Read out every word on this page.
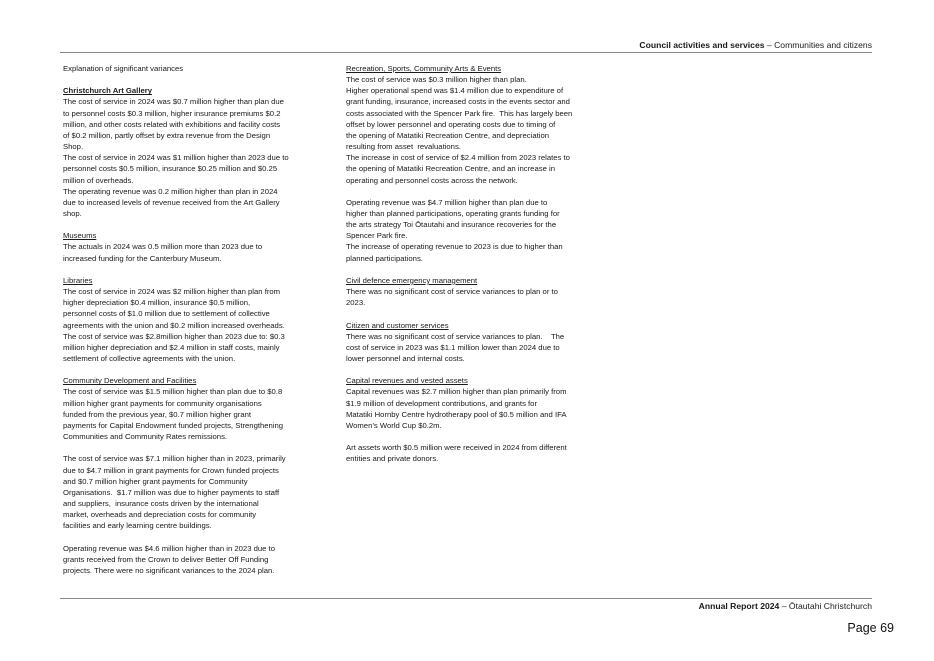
Council activities and services – Communities and citizens

Explanation of significant variances

Christchurch Art Gallery

The cost of service in 2024 was $0.7 million higher than plan due
to personnel costs $0.3 million, higher insurance premiums $0.2
million, and other costs related with exhibitions and facility costs
of $0.2 million, partly offset by extra revenue from the Design
Shop.
The cost of service in 2024 was $1 million higher than 2023 due to
personnel costs $0.5 million, insurance $0.25 million and $0.25
million of overheads.
The operating revenue was 0.2 million higher than plan in 2024
due to increased levels of revenue received from the Art Gallery
shop.

Museums

The actuals in 2024 was 0.5 million more than 2023 due to
increased funding for the Canterbury Museum.

Libraries

The cost of service in 2024 was $2 million higher than plan from
higher depreciation $0.4 million, insurance $0.5 million,
personnel costs of $1.0 million due to settlement of collective
agreements with the union and $0.2 million increased overheads.
The cost of service was $2.8million higher than 2023 due to: $0.3
million higher depreciation and $2.4 million in staff costs, mainly
settlement of collective agreements with the union.

Community Development and Facilities

The cost of service was $1.5 million higher than plan due to $0.8
million higher grant payments for community organisations
funded from the previous year, $0.7 million higher grant
payments for Capital Endowment funded projects, Strengthening
Communities and Community Rates remissions.
The cost of service was $7.1 million higher than in 2023, primarily
due to $4.7 million in grant payments for Crown funded projects
and $0.7 million higher grant payments for Community
Organisations.  $1.7 million was due to higher payments to staff
and suppliers,  insurance costs driven by the international
market, overheads and depreciation costs for community
facilities and early learning centre buildings.
Operating revenue was $4.6 million higher than in 2023 due to
grants received from the Crown to deliver Better Off Funding
projects. There were no significant variances to the 2024 plan.

Recreation, Sports, Community Arts & Events

The cost of service was $0.3 million higher than plan.
Higher operational spend was $1.4 million due to expenditure of
grant funding, insurance, increased costs in the events sector and
costs associated with the Spencer Park fire.  This has largely been
offset by lower personnel and operating costs due to timing of
the opening of Matatiki Recreation Centre, and depreciation
resulting from asset  revaluations.
The increase in cost of service of $2.4 million from 2023 relates to
the opening of Matatiki Recreation Centre, and an increase in
operating and personnel costs across the network.
Operating revenue was $4.7 million higher than plan due to
higher than planned participations, operating grants funding for
the arts strategy Toi Ōtautahi and insurance recoveries for the
Spencer Park fire.
The increase of operating revenue to 2023 is due to higher than
planned participations.

Civil defence emergency management

There was no significant cost of service variances to plan or to
2023.

Citizen and customer services

There was no significant cost of service variances to plan.    The
cost of service in 2023 was $1.1 million lower than 2024 due to
lower personnel and internal costs.

Capital revenues and vested assets

Capital revenues was $2.7 million higher than plan primarily from
$1.9 million of development contributions, and grants for
Matatiki Hornby Centre hydrotherapy pool of $0.5 million and IFA
Women’s World Cup $0.2m.
Art assets worth $0.5 million were received in 2024 from different
entities and private donors.
Annual Report 2024 – Ōtautahi Christchurch
Page 69
